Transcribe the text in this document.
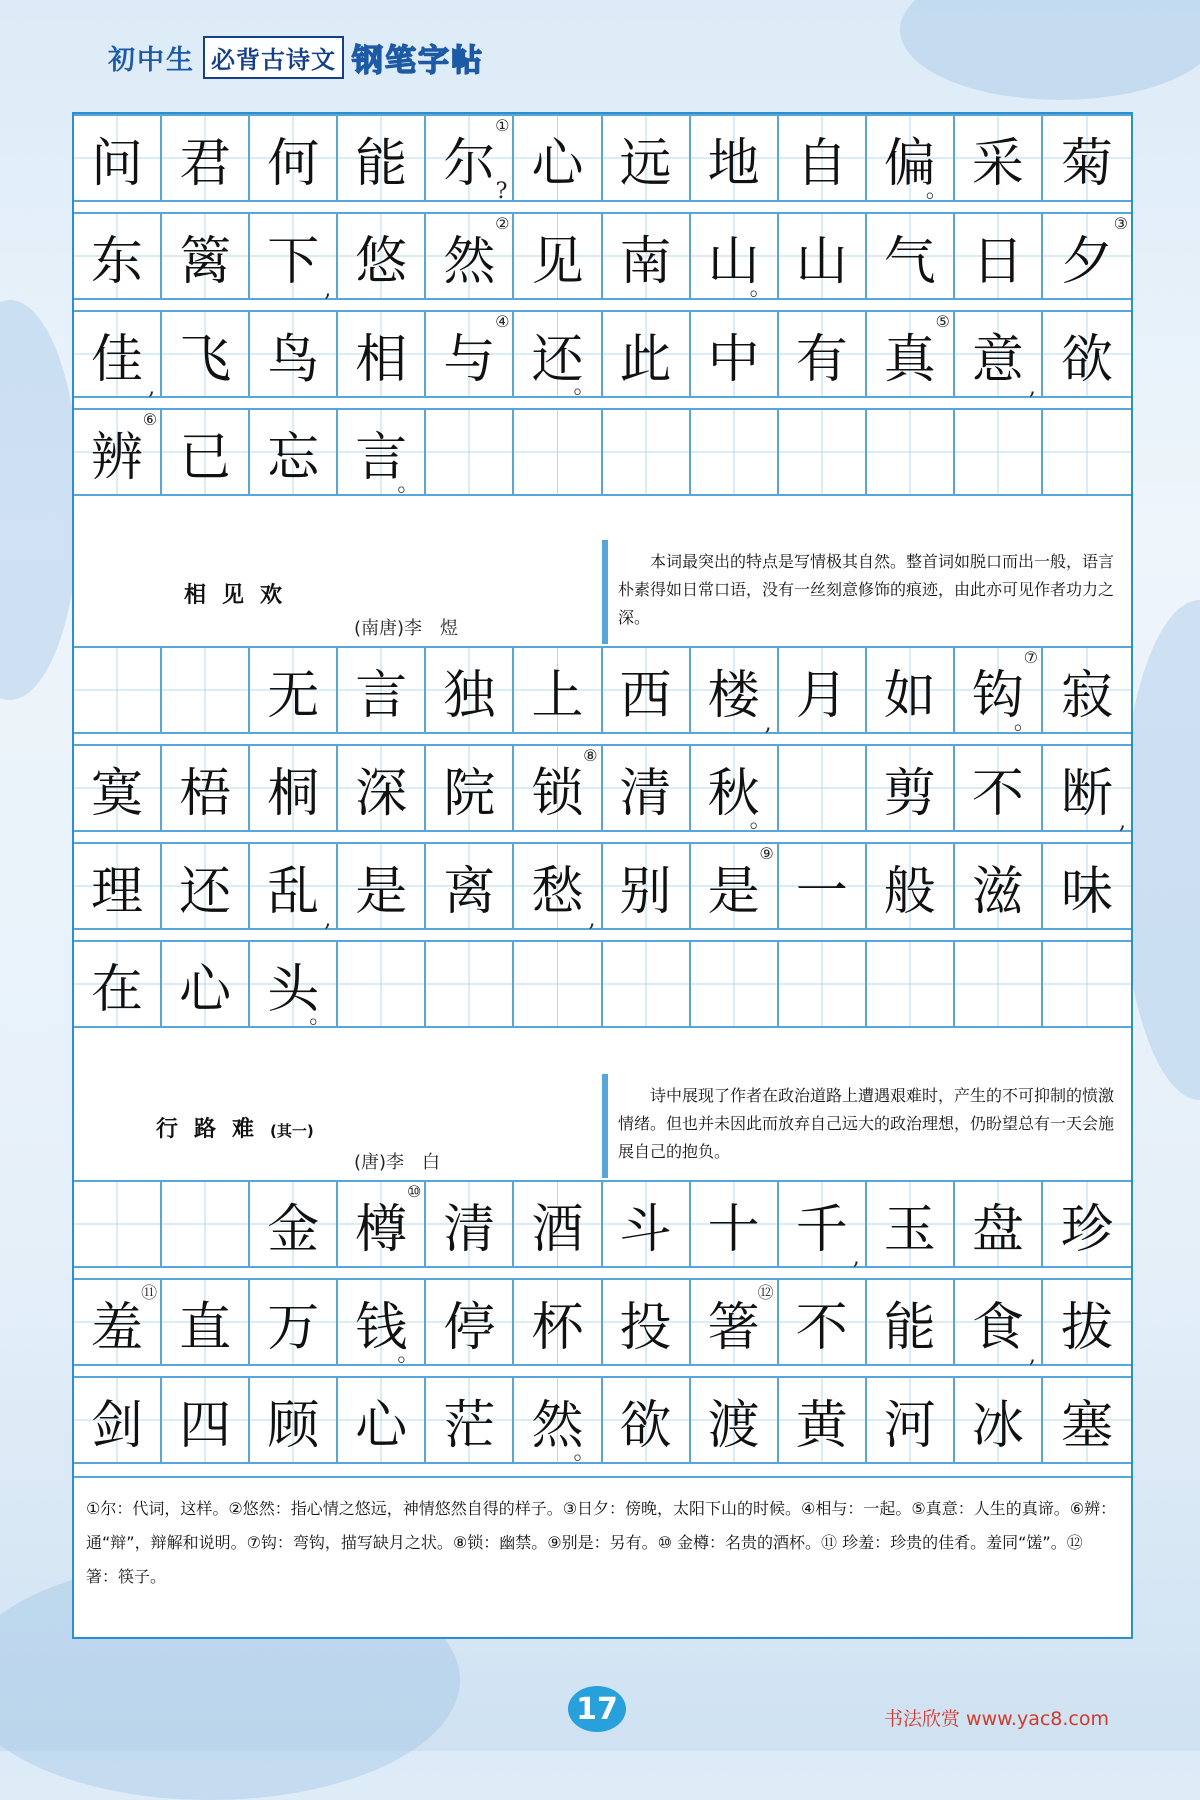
初中生 必背古诗文 钢笔字帖
问 君 何 能 尔
①
? 心 远 地 自 偏
。 采 菊
东 篱 下 , 悠 然
②
见 南 山
。 山 气 日 夕
③
佳 , 飞 鸟 相 与
④
还
。 此 中 有 真
⑤
意 , 欲
辨
⑥
已 忘 言
。
相见欢
(南唐)李　煜
本词最突出的特点是写情极其自然。整首词如脱口而出一般，语言朴素得如日常口语，没有一丝刻意修饰的痕迹，由此亦可见作者功力之深。
无 言 独 上 西 楼 , 月 如 钩
⑦
。 寂
寞 梧 桐 深 院 锁
⑧
清 秋
。	剪 不 断 ,
理 还 乱 , 是 离 愁 , 别 是
⑨
一 般 滋 味
在 心 头
。
行路难(其一)
(唐)李　白
诗中展现了作者在政治道路上遭遇艰难时，产生的不可抑制的愤激情绪。但也并未因此而放弃自己远大的政治理想，仍盼望总有一天会施展自己的抱负。
金 樽
⑩
清 酒 斗 十 千 , 玉 盘 珍
羞
⑪
直 万 钱
。 停 杯 投 箸
⑫
不 能 食 , 拔
剑 四 顾 心 茫 然
。 欲 渡 黄 河 冰 塞
①尔：代词，这样。②悠然：指心情之悠远，神情悠然自得的样子。③日夕：傍晚，太阳下山的时候。④相与：一起。⑤真意：人生的真谛。⑥辨：通“辩”，辩解和说明。⑦钩：弯钩，描写缺月之状。⑧锁：幽禁。⑨别是：另有。⑩ 金樽：名贵的酒杯。⑪ 珍羞：珍贵的佳肴。羞同“馐”。⑫ 箸：筷子。
17	书法欣赏 www.yac8.com
